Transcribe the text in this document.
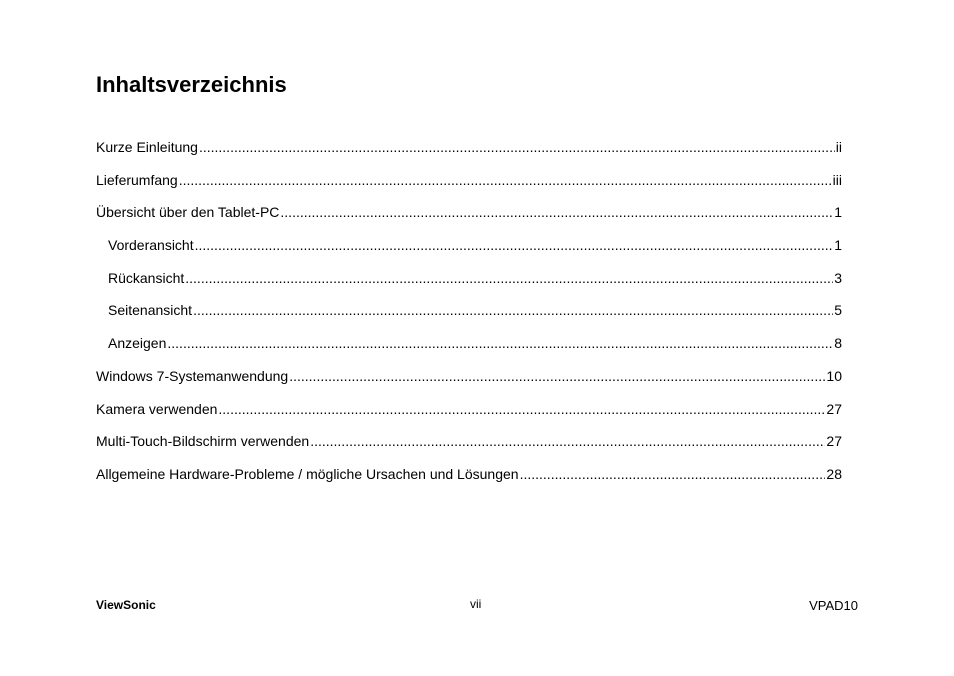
Inhaltsverzeichnis
Kurze Einleitung .....	ii
Lieferumfang .....	iii
Übersicht über den Tablet-PC .....	1
Vorderansicht .....	1
Rückansicht .....	3
Seitenansicht .....	5
Anzeigen .....	8
Windows 7-Systemanwendung .....	10
Kamera verwenden .....	27
Multi-Touch-Bildschirm verwenden .....	27
Allgemeine Hardware-Probleme / mögliche Ursachen und Lösungen .....	28
ViewSonic	vii	VPAD10
